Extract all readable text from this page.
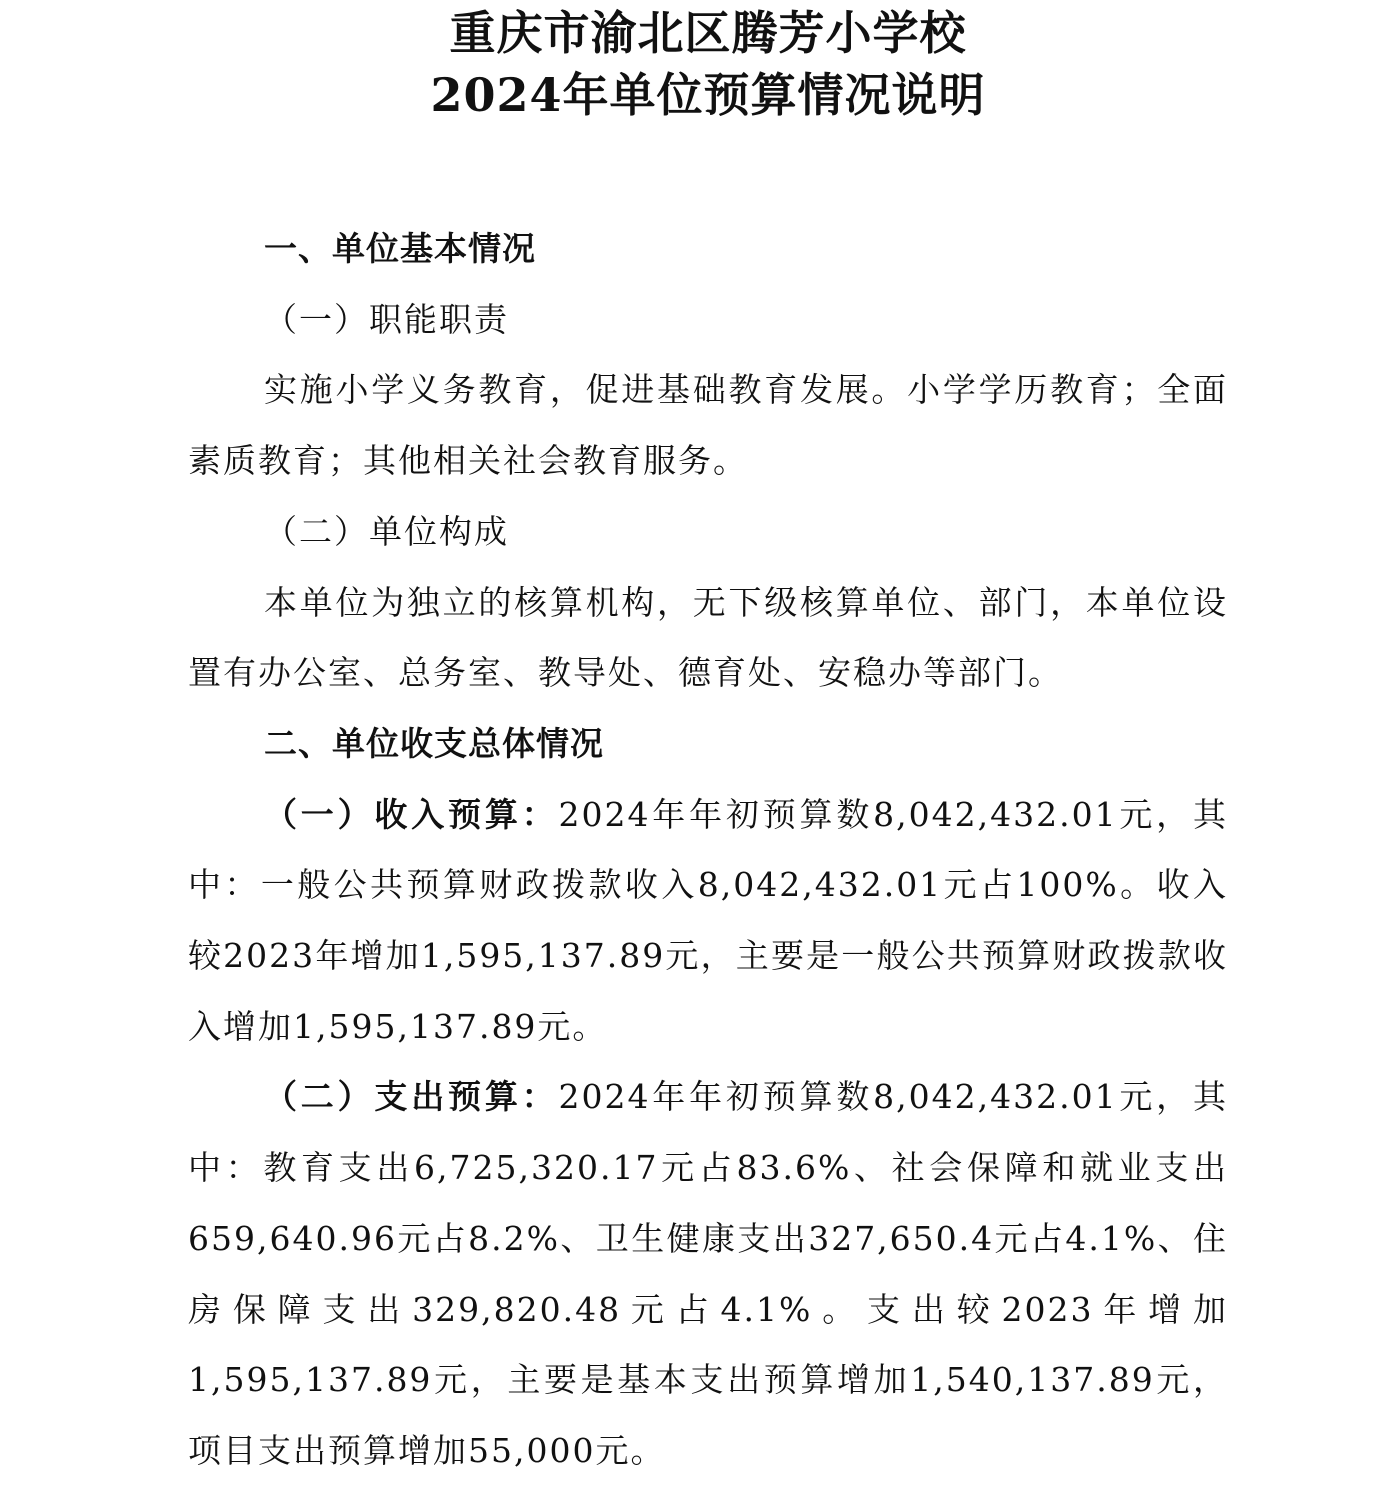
重庆市渝北区腾芳小学校
2024年单位预算情况说明

一、单位基本情况

（一）职能职责

实施小学义务教育，促进基础教育发展。小学学历教育；全面素质教育；其他相关社会教育服务。

（二）单位构成

本单位为独立的核算机构，无下级核算单位、部门，本单位设置有办公室、总务室、教导处、德育处、安稳办等部门。

二、单位收支总体情况

（一）收入预算：2024年年初预算数8,042,432.01元，其中：一般公共预算财政拨款收入8,042,432.01元占100%。收入较2023年增加1,595,137.89元，主要是一般公共预算财政拨款收入增加1,595,137.89元。

（二）支出预算：2024年年初预算数8,042,432.01元，其中：教育支出6,725,320.17元占83.6%、社会保障和就业支出659,640.96元占8.2%、卫生健康支出327,650.4元占4.1%、住房保障支出329,820.48元占4.1%。支出较2023年增加1,595,137.89元，主要是基本支出预算增加1,540,137.89元，项目支出预算增加55,000元。
